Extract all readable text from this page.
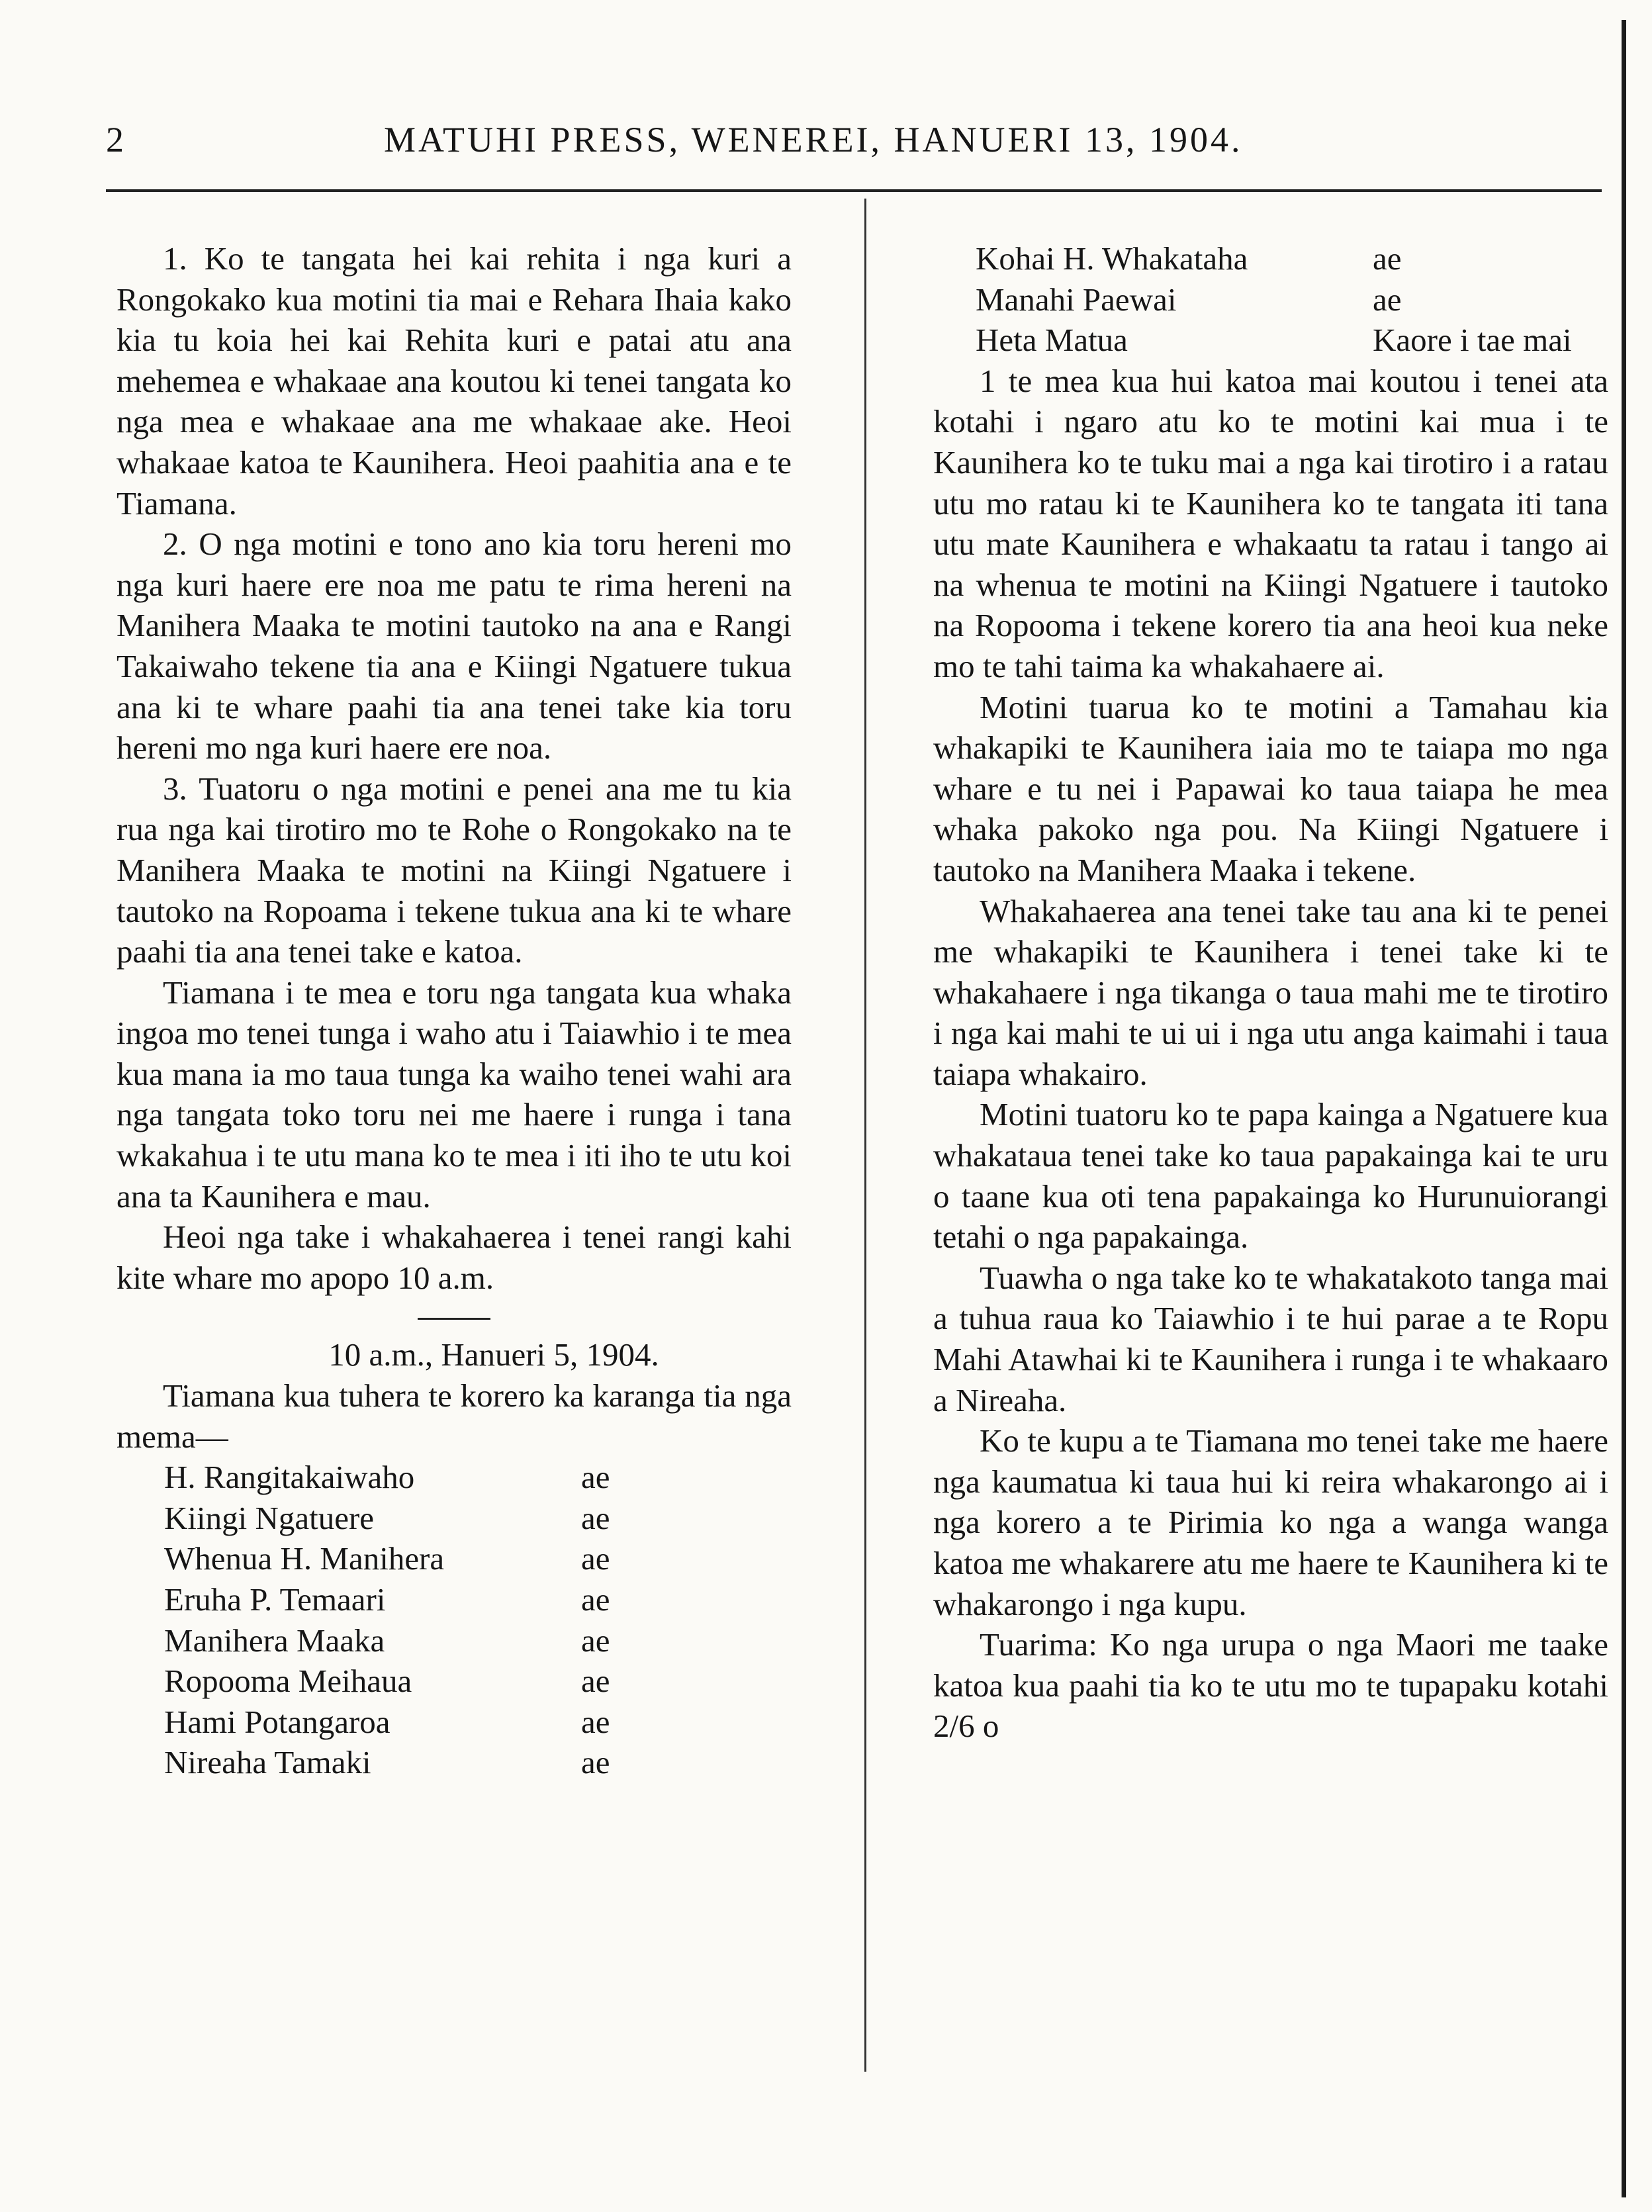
2	MATUHI PRESS, WENEREI, HANUERI 13, 1904.

1. Ko te tangata hei kai rehita i nga kuri a Rongokako kua motini tia mai e Rehara Ihaia kako kia tu koia hei kai Rehita kuri e patai atu ana mehemea e whakaae ana koutou ki tenei tangata ko nga mea e whakaae ana me whakaae ake. Heoi whakaae katoa te Kaunihera. Heoi paahitia ana e te Tiamana.

2. O nga motini e tono ano kia toru hereni mo nga kuri haere ere noa me patu te rima hereni na Manihera Maaka te motini tautoko na ana e Rangi Takaiwaho tekene tia ana e Kiingi Ngatuere tukua ana ki te whare paahi tia ana tenei take kia toru hereni mo nga kuri haere ere noa.

3. Tuatoru o nga motini e penei ana me tu kia rua nga kai tirotiro mo te Rohe o Rongokako na te Manihera Maaka te motini na Kiingi Ngatuere i tautoko na Ropoama i tekene tukua ana ki te whare paahi tia ana tenei take e katoa.

Tiamana i te mea e toru nga tangata kua whaka ingoa mo tenei tunga i waho atu i Taiawhio i te mea kua mana ia mo taua tunga ka waiho tenei wahi ara nga tangata toko toru nei me haere i runga i tana wkakahua i te utu mana ko te mea i iti iho te utu koi ana ta Kaunihera e mau.

Heoi nga take i whakahaerea i tenei rangi kahi kite whare mo apopo 10 a.m.

10 a.m., Hanueri 5, 1904.

Tiamana kua tuhera te korero ka karanga tia nga mema—

H. Rangitakaiwaho	ae
Kiingi Ngatuere	ae
Whenua H. Manihera	ae
Eruha P. Temaari	ae
Manihera Maaka	ae
Ropooma Meihaua	ae
Hami Potangaroa	ae
Nireaha Tamaki	ae
Kohai H. Whakataha	ae
Manahi Paewai	ae
Heta Matua	Kaore i tae mai

1 te mea kua hui katoa mai koutou i tenei ata kotahi i ngaro atu ko te motini kai mua i te Kaunihera ko te tuku mai a nga kai tirotiro i a ratau utu mo ratau ki te Kaunihera ko te tangata iti tana utu mate Kaunihera e whakaatu ta ratau i tango ai na whenua te motini na Kiingi Ngatuere i tautoko na Ropooma i tekene korero tia ana heoi kua neke mo te tahi taima ka whakahaere ai.

Motini tuarua ko te motini a Tamahau kia whakapiki te Kaunihera iaia mo te taiapa mo nga whare e tu nei i Papawai ko taua taiapa he mea whaka pakoko nga pou. Na Kiingi Ngatuere i tautoko na Manihera Maaka i tekene.

Whakahaerea ana tenei take tau ana ki te penei me whakapiki te Kaunihera i tenei take ki te whakahaere i nga tikanga o taua mahi me te tirotiro i nga kai mahi te ui ui i nga utu anga kaimahi i taua taiapa whakairo.

Motini tuatoru ko te papa kainga a Ngatuere kua whakataua tenei take ko taua papakainga kai te uru o taane kua oti tena papakainga ko Hurunuiorangi tetahi o nga papakainga.

Tuawha o nga take ko te whakatakoto tanga mai a tuhua raua ko Taiawhio i te hui parae a te Ropu Mahi Atawhai ki te Kaunihera i runga i te whakaaro a Nireaha.

Ko te kupu a te Tiamana mo tenei take me haere nga kaumatua ki taua hui ki reira whakarongo ai i nga korero a te Pirimia ko nga a wanga wanga katoa me whakarere atu me haere te Kaunihera ki te whakarongo i nga kupu.

Tuarima: Ko nga urupa o nga Maori me taake katoa kua paahi tia ko te utu mo te tupapaku kotahi 2/6 o
